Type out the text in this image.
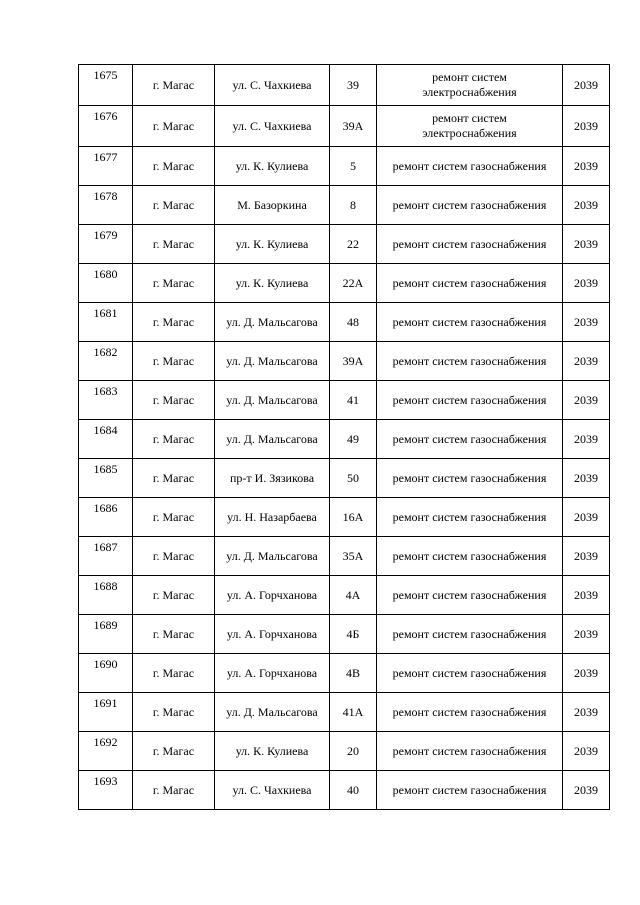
1675	г. Магас	ул. С. Чахкиева	39	ремонт систем
электроснабжения	2039
1676	г. Магас	ул. С. Чахкиева	39А	ремонт систем
электроснабжения	2039
1677	г. Магас	ул. К. Кулиева	5	ремонт систем газоснабжения	2039
1678	г. Магас	М. Базоркина	8	ремонт систем газоснабжения	2039
1679	г. Магас	ул. К. Кулиева	22	ремонт систем газоснабжения	2039
1680	г. Магас	ул. К. Кулиева	22А	ремонт систем газоснабжения	2039
1681	г. Магас	ул. Д. Мальсагова	48	ремонт систем газоснабжения	2039
1682	г. Магас	ул. Д. Мальсагова	39А	ремонт систем газоснабжения	2039
1683	г. Магас	ул. Д. Мальсагова	41	ремонт систем газоснабжения	2039
1684	г. Магас	ул. Д. Мальсагова	49	ремонт систем газоснабжения	2039
1685	г. Магас	пр-т И. Зязикова	50	ремонт систем газоснабжения	2039
1686	г. Магас	ул. Н. Назарбаева	16А	ремонт систем газоснабжения	2039
1687	г. Магас	ул. Д. Мальсагова	35А	ремонт систем газоснабжения	2039
1688	г. Магас	ул. А. Горчханова	4А	ремонт систем газоснабжения	2039
1689	г. Магас	ул. А. Горчханова	4Б	ремонт систем газоснабжения	2039
1690	г. Магас	ул. А. Горчханова	4В	ремонт систем газоснабжения	2039
1691	г. Магас	ул. Д. Мальсагова	41А	ремонт систем газоснабжения	2039
1692	г. Магас	ул. К. Кулиева	20	ремонт систем газоснабжения	2039
1693	г. Магас	ул. С. Чахкиева	40	ремонт систем газоснабжения	2039
